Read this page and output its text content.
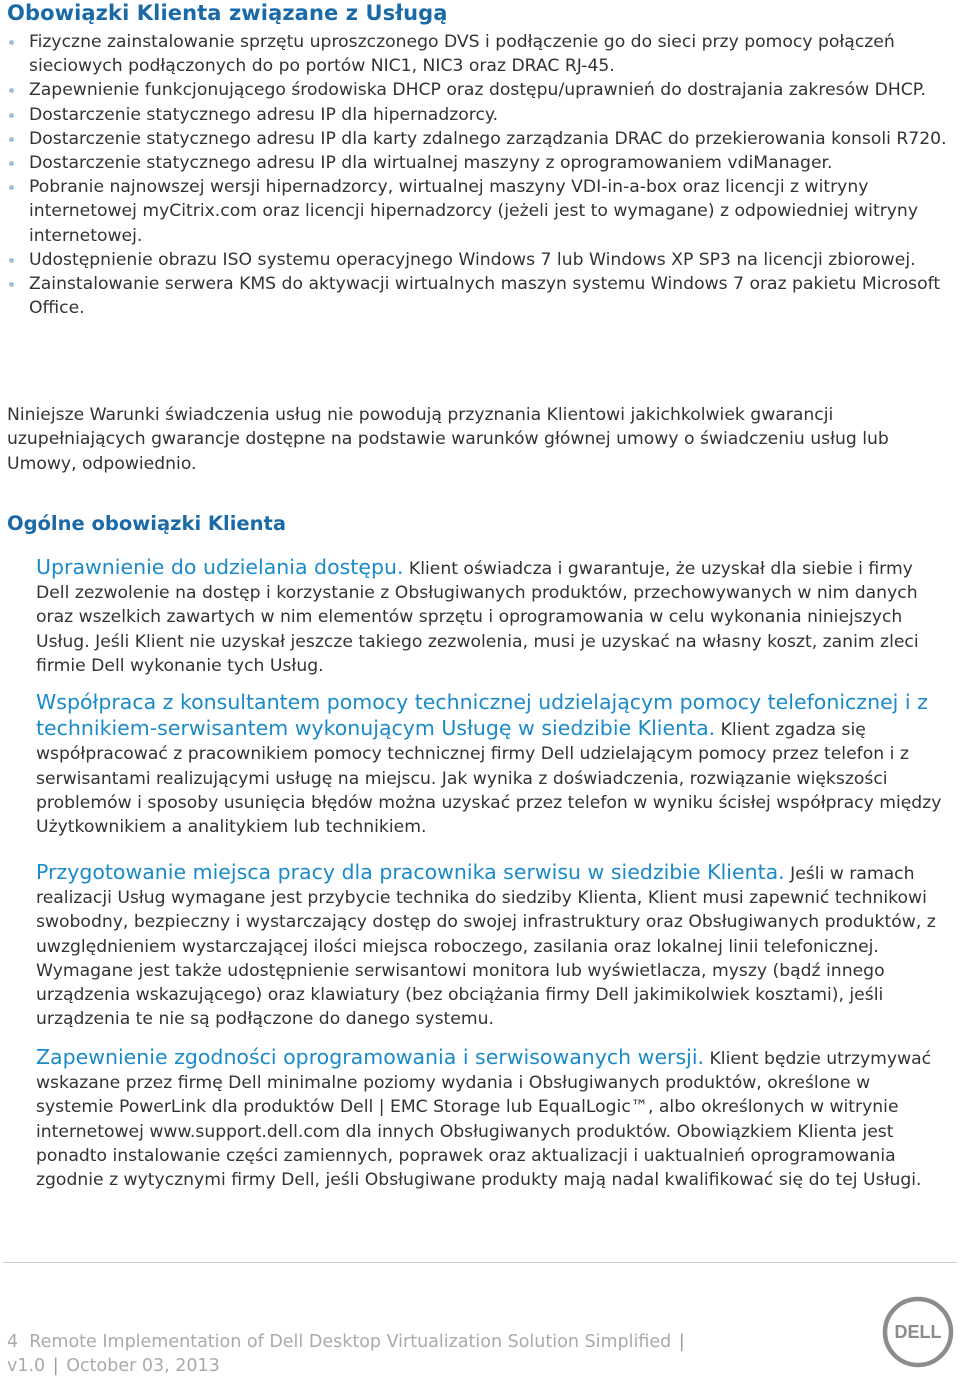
Obowiązki Klienta związane z Usługą
Fizyczne zainstalowanie sprzętu uproszczonego DVS i podłączenie go do sieci przy pomocy połączeń sieciowych podłączonych do po portów NIC1, NIC3 oraz DRAC RJ-45.
Zapewnienie funkcjonującego środowiska DHCP oraz dostępu/uprawnień do dostrajania zakresów DHCP.
Dostarczenie statycznego adresu IP dla hipernadzorcy.
Dostarczenie statycznego adresu IP dla karty zdalnego zarządzania DRAC do przekierowania konsoli R720.
Dostarczenie statycznego adresu IP dla wirtualnej maszyny z oprogramowaniem vdiManager.
Pobranie najnowszej wersji hipernadzorcy, wirtualnej maszyny VDI-in-a-box oraz licencji z witryny internetowej myCitrix.com oraz licencji hipernadzorcy (jeżeli jest to wymagane) z odpowiedniej witryny internetowej.
Udostępnienie obrazu ISO systemu operacyjnego Windows 7 lub Windows XP SP3 na licencji zbiorowej.
Zainstalowanie serwera KMS do aktywacji wirtualnych maszyn systemu Windows 7 oraz pakietu Microsoft Office.

Niniejsze Warunki świadczenia usług nie powodują przyznania Klientowi jakichkolwiek gwarancji uzupełniających gwarancje dostępne na podstawie warunków głównej umowy o świadczeniu usług lub Umowy, odpowiednio.

Ogólne obowiązki Klienta

Uprawnienie do udzielania dostępu. Klient oświadcza i gwarantuje, że uzyskał dla siebie i firmy Dell zezwolenie na dostęp i korzystanie z Obsługiwanych produktów, przechowywanych w nim danych oraz wszelkich zawartych w nim elementów sprzętu i oprogramowania w celu wykonania niniejszych Usług. Jeśli Klient nie uzyskał jeszcze takiego zezwolenia, musi je uzyskać na własny koszt, zanim zleci firmie Dell wykonanie tych Usług.

Współpraca z konsultantem pomocy technicznej udzielającym pomocy telefonicznej i z technikiem-serwisantem wykonującym Usługę w siedzibie Klienta. Klient zgadza się współpracować z pracownikiem pomocy technicznej firmy Dell udzielającym pomocy przez telefon i z serwisantami realizującymi usługę na miejscu. Jak wynika z doświadczenia, rozwiązanie większości problemów i sposoby usunięcia błędów można uzyskać przez telefon w wyniku ścisłej współpracy między Użytkownikiem a analitykiem lub technikiem.

Przygotowanie miejsca pracy dla pracownika serwisu w siedzibie Klienta. Jeśli w ramach realizacji Usług wymagane jest przybycie technika do siedziby Klienta, Klient musi zapewnić technikowi swobodny, bezpieczny i wystarczający dostęp do swojej infrastruktury oraz Obsługiwanych produktów, z uwzględnieniem wystarczającej ilości miejsca roboczego, zasilania oraz lokalnej linii telefonicznej. Wymagane jest także udostępnienie serwisantowi monitora lub wyświetlacza, myszy (bądź innego urządzenia wskazującego) oraz klawiatury (bez obciążania firmy Dell jakimikolwiek kosztami), jeśli urządzenia te nie są podłączone do danego systemu.

Zapewnienie zgodności oprogramowania i serwisowanych wersji. Klient będzie utrzymywać wskazane przez firmę Dell minimalne poziomy wydania i Obsługiwanych produktów, określone w systemie PowerLink dla produktów Dell | EMC Storage lub EqualLogic™, albo określonych w witrynie internetowej www.support.dell.com dla innych Obsługiwanych produktów. Obowiązkiem Klienta jest ponadto instalowanie części zamiennych, poprawek oraz aktualizacji i uaktualnień oprogramowania zgodnie z wytycznymi firmy Dell, jeśli Obsługiwane produkty mają nadal kwalifikować się do tej Usługi.

4 Remote Implementation of Dell Desktop Virtualization Solution Simplified |
v1.0 | October 03, 2013
DELL
